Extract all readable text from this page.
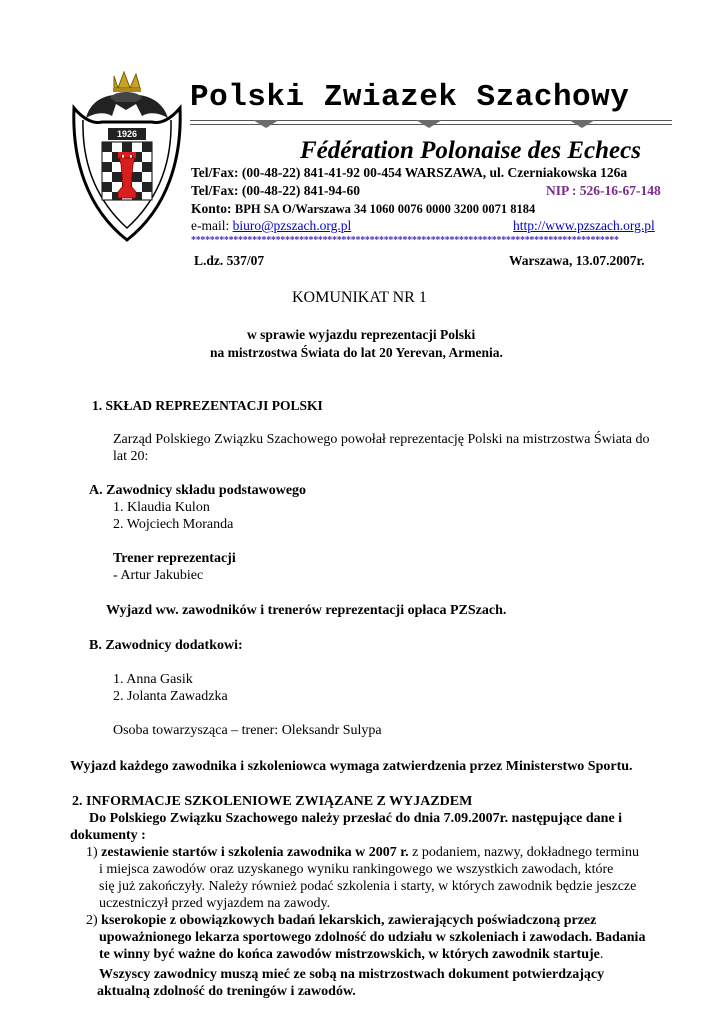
1926
Polski Zwiazek Szachowy
Fédération Polonaise des Echecs
Tel/Fax: (00-48-22) 841-41-92 00-454 WARSZAWA, ul. Czerniakowska 126a
Tel/Fax: (00-48-22) 841-94-60	NIP : 526-16-67-148
Konto: BPH SA O/Warszawa 34 1060 0076 0000 3200 0071 8184
e-mail: biuro@pzszach.org.pl	http://www.pzszach.org.pl
*******************************************************************************************
L.dz. 537/07	Warszawa, 13.07.2007r.
KOMUNIKAT NR 1
w sprawie wyjazdu reprezentacji Polski
na mistrzostwa Świata do lat 20 Yerevan, Armenia.
1. SKŁAD REPREZENTACJI POLSKI
Zarząd Polskiego Związku Szachowego powołał reprezentację Polski na mistrzostwa Świata do
lat 20:
A. Zawodnicy składu podstawowego
1. Klaudia Kulon
2. Wojciech Moranda
Trener reprezentacji
- Artur Jakubiec
Wyjazd ww. zawodników i trenerów reprezentacji opłaca PZSzach.
B. Zawodnicy dodatkowi:
1. Anna Gasik
2. Jolanta Zawadzka
Osoba towarzysząca – trener: Oleksandr Sulypa
Wyjazd każdego zawodnika i szkoleniowca wymaga zatwierdzenia przez Ministerstwo Sportu.
2. INFORMACJE SZKOLENIOWE ZWIĄZANE Z WYJAZDEM
Do Polskiego Związku Szachowego należy przesłać do dnia 7.09.2007r. następujące dane i
dokumenty :
1) zestawienie startów i szkolenia zawodnika w 2007 r. z podaniem, nazwy, dokładnego terminu
i miejsca zawodów oraz uzyskanego wyniku rankingowego we wszystkich zawodach, które
się już zakończyły. Należy również podać szkolenia i starty, w których zawodnik będzie jeszcze
uczestniczył przed wyjazdem na zawody.
2) kserokopie z obowiązkowych badań lekarskich, zawierających poświadczoną przez
upoważnionego lekarza sportowego zdolność do udziału w szkoleniach i zawodach. Badania
te winny być ważne do końca zawodów mistrzowskich, w których zawodnik startuje.
Wszyscy zawodnicy muszą mieć ze sobą na mistrzostwach dokument potwierdzający
aktualną zdolność do treningów i zawodów.
